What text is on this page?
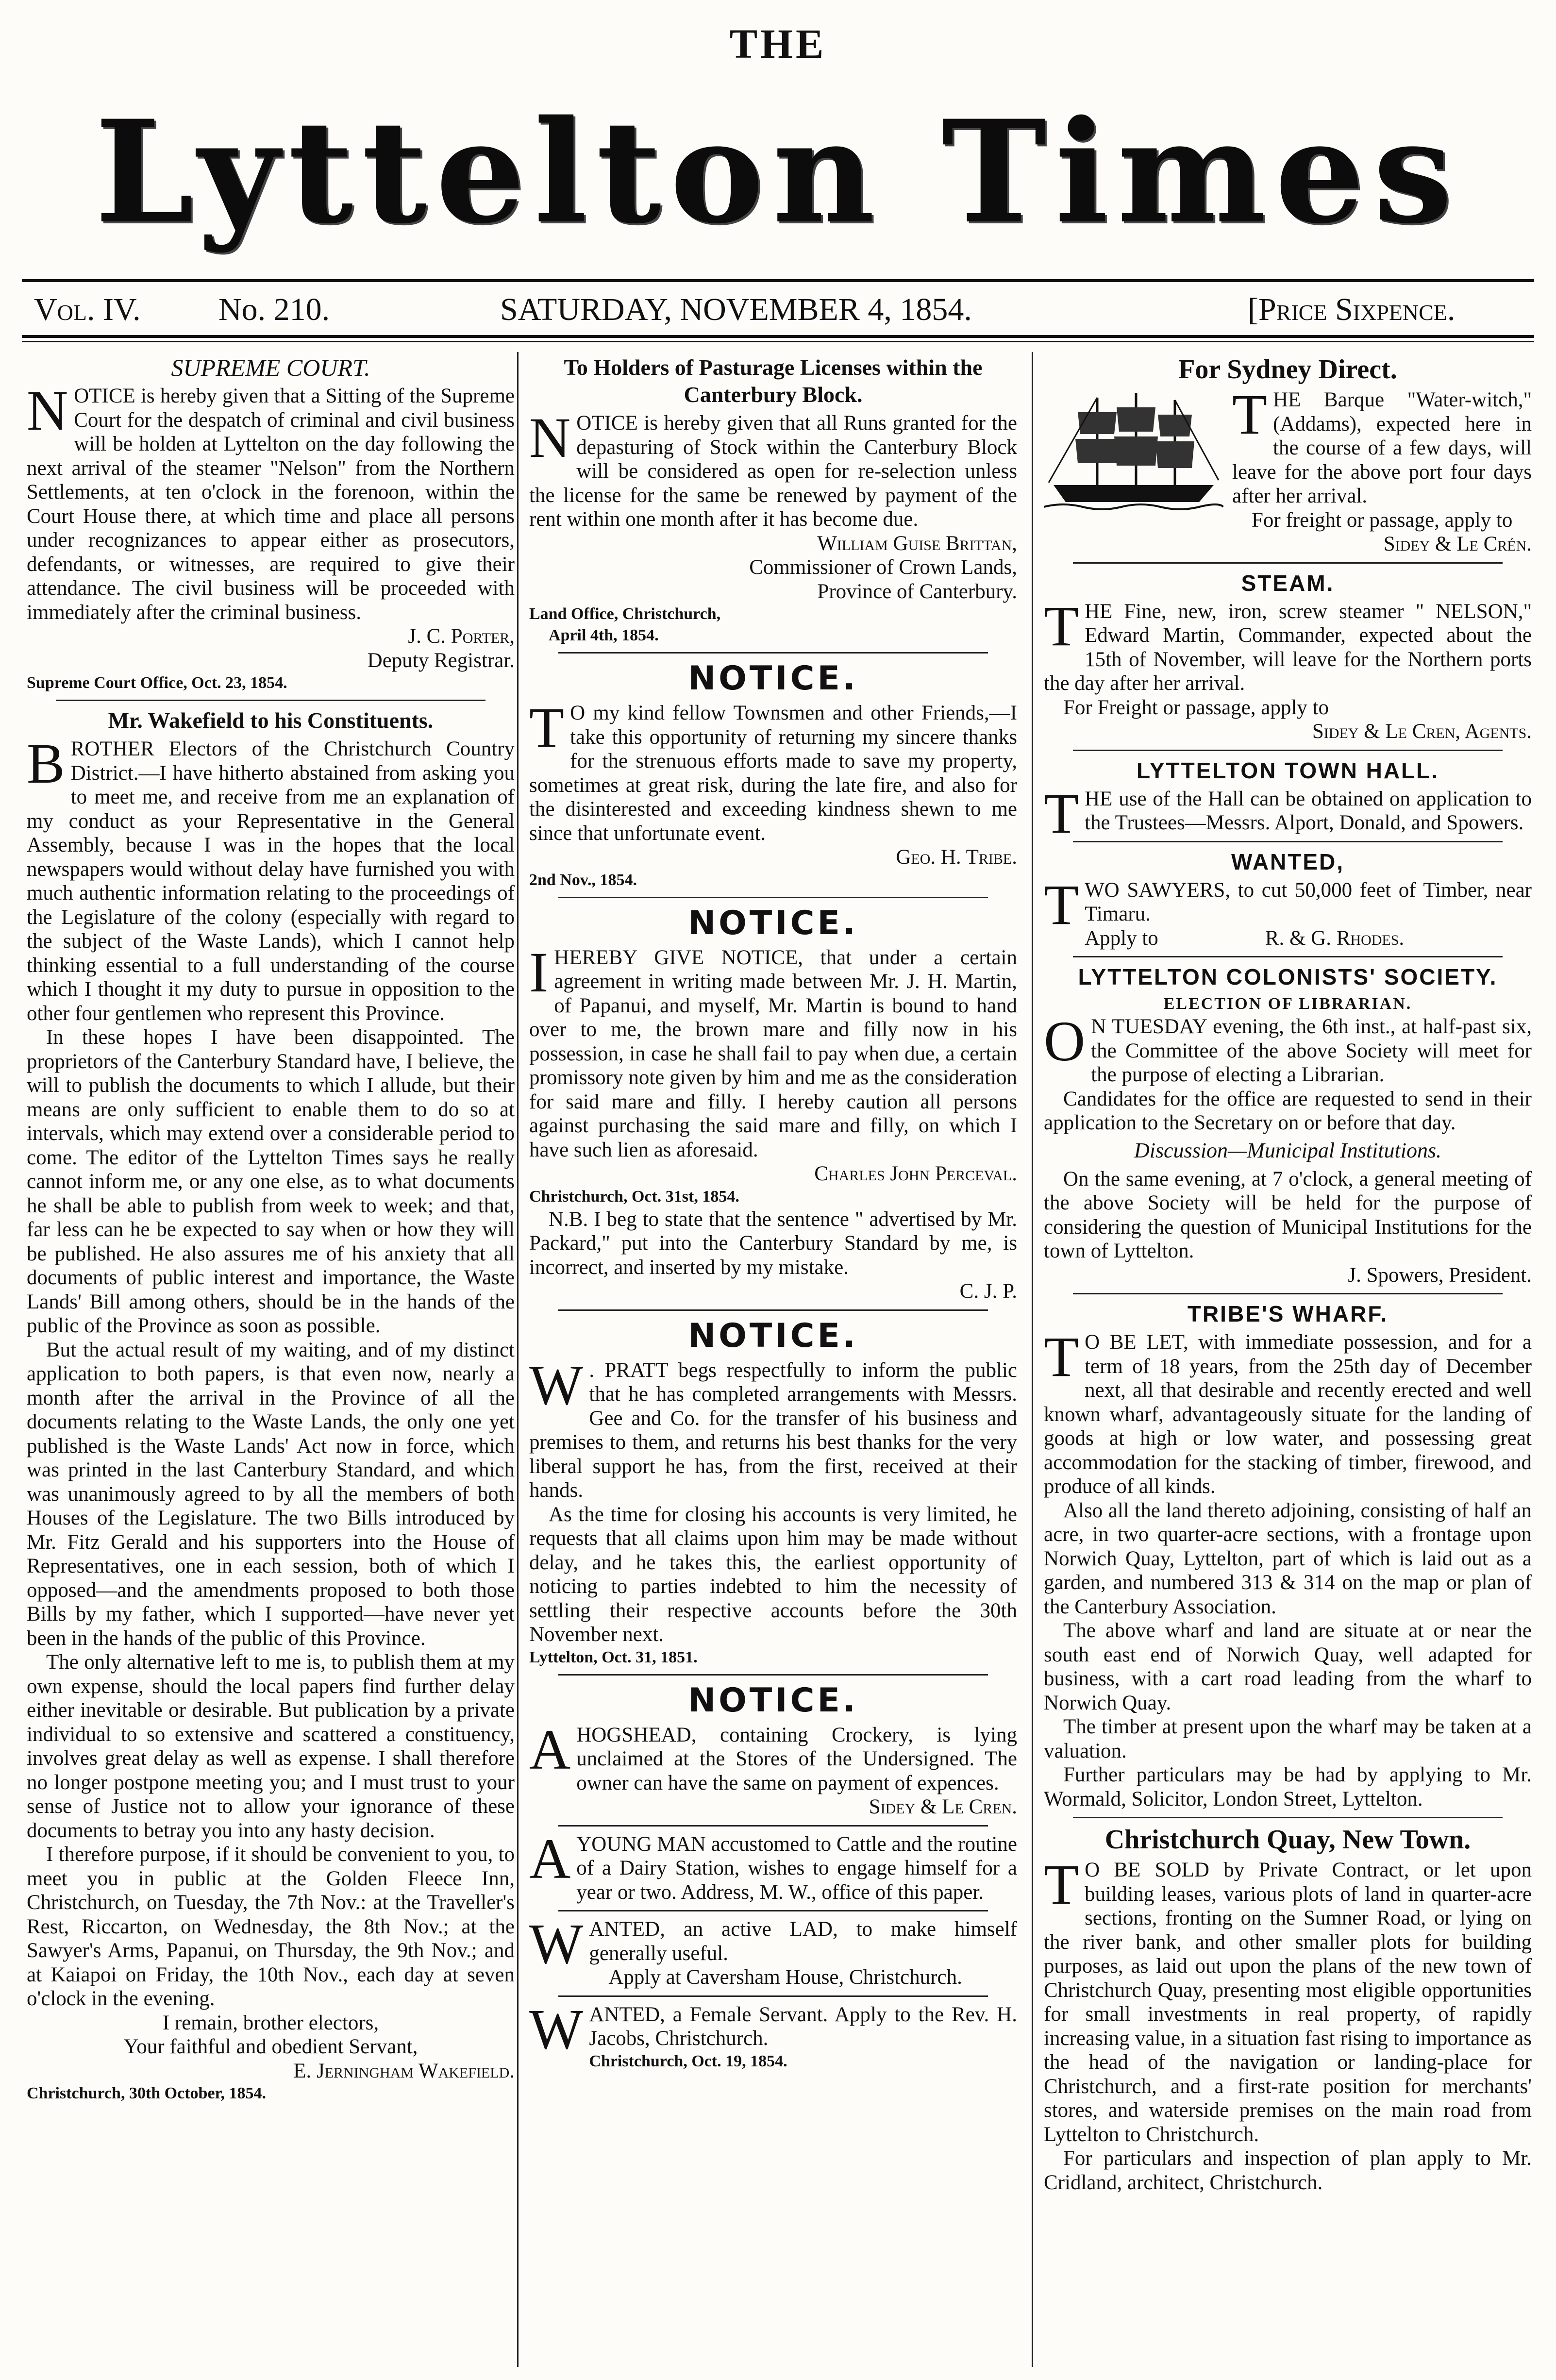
THE
Lyttelton Times
Vol. IV. No. 210.	SATURDAY, NOVEMBER 4, 1854.	[Price Sixpence.
SUPREME COURT.

NOTICE is hereby given that a Sitting of the Supreme Court for the despatch of criminal and civil business will be holden at Lyttelton on the day following the next arrival of the steamer "Nelson" from the Northern Settlements, at ten o'clock in the forenoon, within the Court House there, at which time and place all persons under recognizances to appear either as prosecutors, defendants, or witnesses, are required to give their attendance. The civil business will be proceeded with immediately after the criminal business.

J. C. Porter,

Deputy Registrar.

Supreme Court Office, Oct. 23, 1854.

Mr. Wakefield to his Constituents.

BROTHER Electors of the Christchurch Country District.—I have hitherto abstained from asking you to meet me, and receive from me an explanation of my conduct as your Representative in the General Assembly, because I was in the hopes that the local newspapers would without delay have furnished you with much authentic information relating to the proceedings of the Legislature of the colony (especially with regard to the subject of the Waste Lands), which I cannot help thinking essential to a full understanding of the course which I thought it my duty to pursue in opposition to the other four gentlemen who represent this Province.

In these hopes I have been disappointed. The proprietors of the Canterbury Standard have, I believe, the will to publish the documents to which I allude, but their means are only sufficient to enable them to do so at intervals, which may extend over a considerable period to come. The editor of the Lyttelton Times says he really cannot inform me, or any one else, as to what documents he shall be able to publish from week to week; and that, far less can he be expected to say when or how they will be published. He also assures me of his anxiety that all documents of public interest and importance, the Waste Lands' Bill among others, should be in the hands of the public of the Province as soon as possible.

But the actual result of my waiting, and of my distinct application to both papers, is that even now, nearly a month after the arrival in the Province of all the documents relating to the Waste Lands, the only one yet published is the Waste Lands' Act now in force, which was printed in the last Canterbury Standard, and which was unanimously agreed to by all the members of both Houses of the Legislature. The two Bills introduced by Mr. Fitz Gerald and his supporters into the House of Representatives, one in each session, both of which I opposed—and the amendments proposed to both those Bills by my father, which I supported—have never yet been in the hands of the public of this Province.

The only alternative left to me is, to publish them at my own expense, should the local papers find further delay either inevitable or desirable. But publication by a private individual to so extensive and scattered a constituency, involves great delay as well as expense. I shall therefore no longer postpone meeting you; and I must trust to your sense of Justice not to allow your ignorance of these documents to betray you into any hasty decision.

I therefore purpose, if it should be convenient to you, to meet you in public at the Golden Fleece Inn, Christchurch, on Tuesday, the 7th Nov.: at the Traveller's Rest, Riccarton, on Wednesday, the 8th Nov.; at the Sawyer's Arms, Papanui, on Thursday, the 9th Nov.; and at Kaiapoi on Friday, the 10th Nov., each day at seven o'clock in the evening.

I remain, brother electors,

Your faithful and obedient Servant,

E. Jerningham Wakefield.

Christchurch, 30th October, 1854.

To Holders of Pasturage Licenses within the Canterbury Block.

NOTICE is hereby given that all Runs granted for the depasturing of Stock within the Canterbury Block will be considered as open for re-selection unless the license for the same be renewed by payment of the rent within one month after it has become due.

William Guise Brittan,

Commissioner of Crown Lands,

Province of Canterbury.

Land Office, Christchurch,

April 4th, 1854.

NOTICE.

T O my kind fellow Townsmen and other Friends,—I take this opportunity of returning my sincere thanks for the strenuous efforts made to save my property, sometimes at great risk, during the late fire, and also for the disinterested and exceeding kindness shewn to me since that unfortunate event.

Geo. H. Tribe.

2nd Nov., 1854.

NOTICE.

IHEREBY GIVE NOTICE, that under a certain agreement in writing made between Mr. J. H. Martin, of Papanui, and myself, Mr. Martin is bound to hand over to me, the brown mare and filly now in his possession, in case he shall fail to pay when due, a certain promissory note given by him and me as the consideration for said mare and filly. I hereby caution all persons against purchasing the said mare and filly, on which I have such lien as aforesaid.

Charles John Perceval.

Christchurch, Oct. 31st, 1854.

N.B. I beg to state that the sentence " advertised by Mr. Packard," put into the Canterbury Standard by me, is incorrect, and inserted by my mistake.

C. J. P.

NOTICE.

W . PRATT begs respectfully to inform the public that he has completed arrangements with Messrs. Gee and Co. for the transfer of his business and premises to them, and returns his best thanks for the very liberal support he has, from the first, received at their hands.

As the time for closing his accounts is very limited, he requests that all claims upon him may be made without delay, and he takes this, the earliest opportunity of noticing to parties indebted to him the necessity of settling their respective accounts before the 30th November next.

Lyttelton, Oct. 31, 1851.

NOTICE.

AHOGSHEAD, containing Crockery, is lying unclaimed at the Stores of the Undersigned. The owner can have the same on payment of expences.

Sidey & Le Cren.

AYOUNG MAN accustomed to Cattle and the routine of a Dairy Station, wishes to engage himself for a year or two. Address, M. W., office of this paper.

WANTED, an active LAD, to make himself generally useful.

Apply at Caversham House, Christchurch.

WANTED, a Female Servant. Apply to the Rev. H. Jacobs, Christchurch.

Christchurch, Oct. 19, 1854.

For Sydney Direct.

THE Barque "Water-witch," (Addams), expected here in the course of a few days, will leave for the above port four days after her arrival.

For freight or passage, apply to

Sidey & Le Crén.

STEAM.

THE Fine, new, iron, screw steamer " NELSON," Edward Martin, Commander, expected about the 15th of November, will leave for the Northern ports the day after her arrival.

For Freight or passage, apply to

Sidey & Le Cren, Agents.

LYTTELTON TOWN HALL.

THE use of the Hall can be obtained on application to the Trustees—Messrs. Alport, Donald, and Spowers.

WANTED,

TWO SAWYERS, to cut 50,000 feet of Timber, near Timaru.

Apply to	R. & G. Rhodes.

LYTTELTON COLONISTS' SOCIETY.
ELECTION OF LIBRARIAN.

O N TUESDAY evening, the 6th inst., at half-past six, the Committee of the above Society will meet for the purpose of electing a Librarian.

Candidates for the office are requested to send in their application to the Secretary on or before that day.

Discussion—Municipal Institutions.

On the same evening, at 7 o'clock, a general meeting of the above Society will be held for the purpose of considering the question of Municipal Institutions for the town of Lyttelton.

J. Spowers, President.

TRIBE'S WHARF.

T O BE LET, with immediate possession, and for a term of 18 years, from the 25th day of December next, all that desirable and recently erected and well known wharf, advantageously situate for the landing of goods at high or low water, and possessing great accommodation for the stacking of timber, firewood, and produce of all kinds.

Also all the land thereto adjoining, consisting of half an acre, in two quarter-acre sections, with a frontage upon Norwich Quay, Lyttelton, part of which is laid out as a garden, and numbered 313 & 314 on the map or plan of the Canterbury Association.

The above wharf and land are situate at or near the south east end of Norwich Quay, well adapted for business, with a cart road leading from the wharf to Norwich Quay.

The timber at present upon the wharf may be taken at a valuation.

Further particulars may be had by applying to Mr. Wormald, Solicitor, London Street, Lyttelton.

Christchurch Quay, New Town.

T O BE SOLD by Private Contract, or let upon building leases, various plots of land in quarter-acre sections, fronting on the Sumner Road, or lying on the river bank, and other smaller plots for building purposes, as laid out upon the plans of the new town of Christchurch Quay, presenting most eligible opportunities for small investments in real property, of rapidly increasing value, in a situation fast rising to importance as the head of the navigation or landing-place for Christchurch, and a first-rate position for merchants' stores, and waterside premises on the main road from Lyttelton to Christchurch.

For particulars and inspection of plan apply to Mr. Cridland, architect, Christchurch.
